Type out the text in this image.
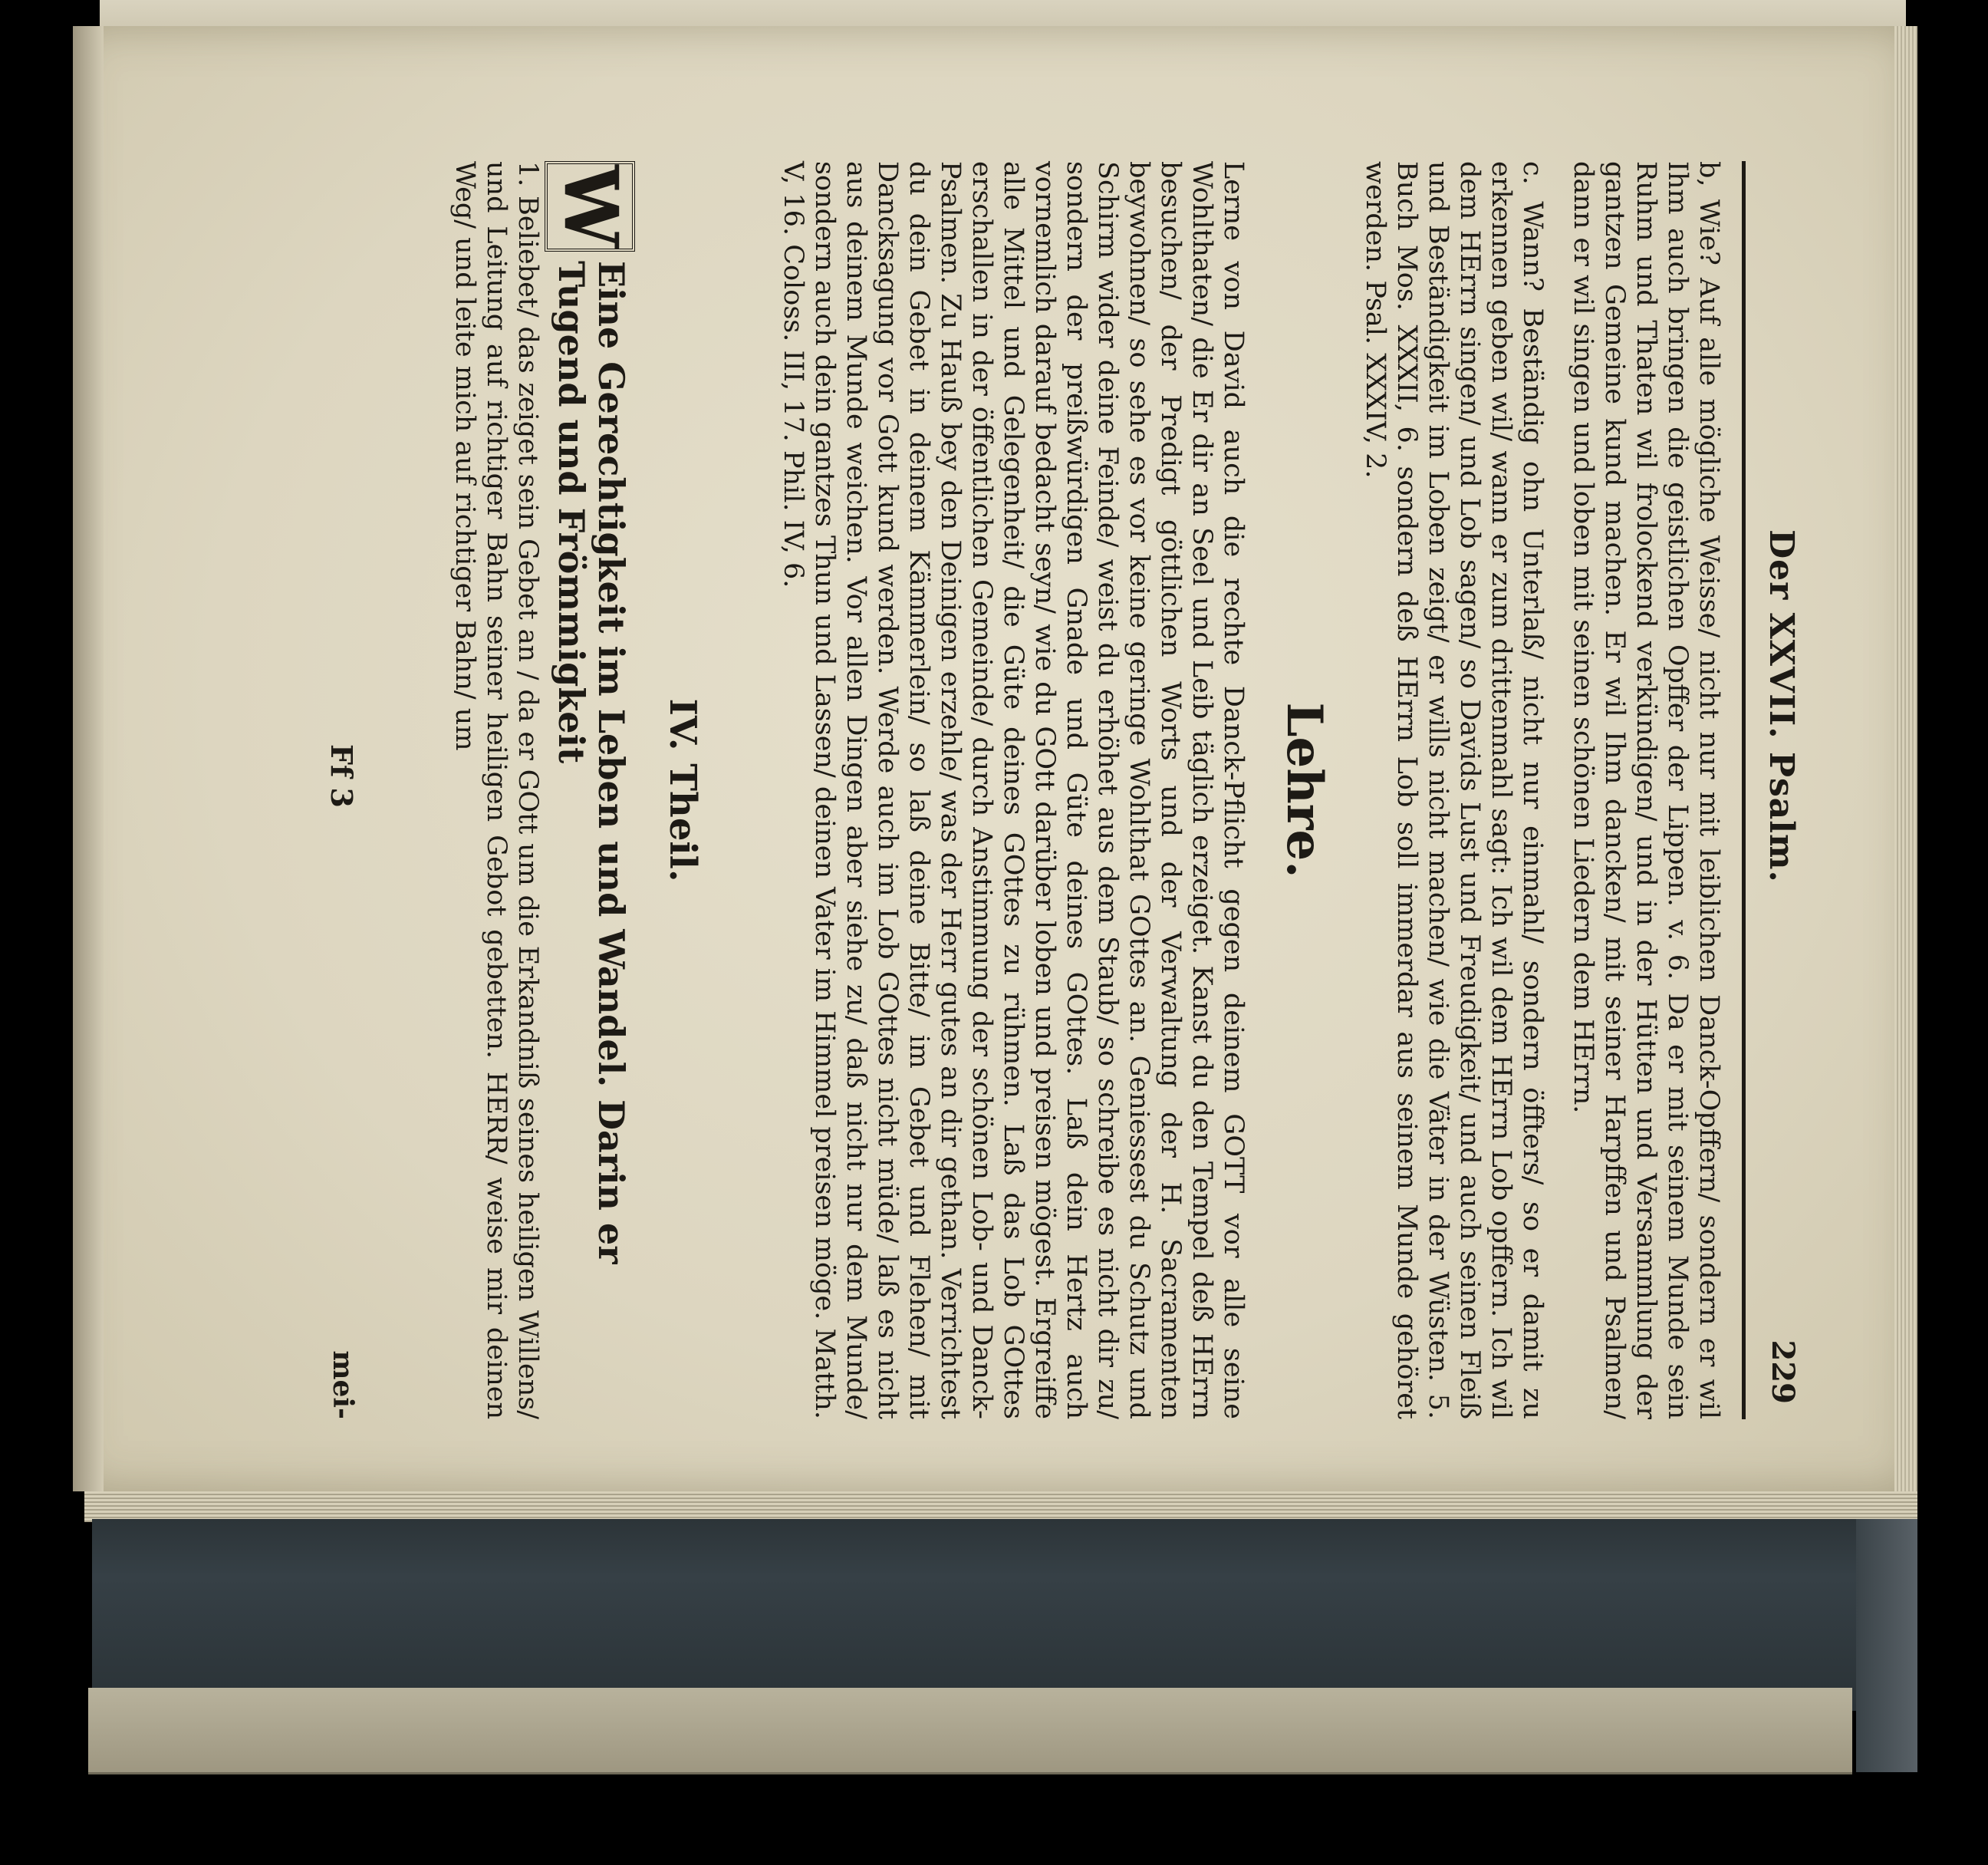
Der XXVII. Psalm.
229
b, Wie? Auf alle mögliche Weisse/ nicht nur mit leiblichen Danck-Opffern/ sondern er wil Ihm auch bringen die geistlichen Opffer der Lippen. v. 6. Da er mit seinem Munde sein Ruhm und Thaten wil frolockend verkündigen/ und in der Hütten und Versammlung der gantzen Gemeine kund machen. Er wil Ihm dancken/ mit seiner Harpffen und Psalmen/ dann er wil singen und loben mit seinen schönen Liedern dem HErrn.
c. Wann? Beständig ohn Unterlaß/ nicht nur einmahl/ sondern öffters/ so er damit zu erkennen geben wil/ wann er zum drittenmahl sagt: Ich wil dem HErrn Lob opffern. Ich wil dem HErrn singen/ und Lob sagen/ so Davids Lust und Freudigkeit/ und auch seinen Fleiß und Beständigkeit im Loben zeigt/ er wills nicht machen/ wie die Väter in der Wüsten. 5. Buch Mos. XXXII, 6. sondern deß HErrn Lob soll immerdar aus seinem Munde gehöret werden. Psal. XXXIV, 2.
Lehre.
Lerne von David auch die rechte Danck-Pflicht gegen deinem GOTT vor alle seine Wohlthaten/ die Er dir an Seel und Leib täglich erzeiget. Kanst du den Tempel deß HErrn besuchen/ der Predigt göttlichen Worts und der Verwaltung der H. Sacramenten beywohnen/ so sehe es vor keine geringe Wohlthat GOttes an. Geniessest du Schutz und Schirm wider deine Feinde/ weist du erhöhet aus dem Staub/ so schreibe es nicht dir zu/ sondern der preißwürdigen Gnade und Güte deines GOttes. Laß dein Hertz auch vornemlich darauf bedacht seyn/ wie du GOtt darüber loben und preisen mögest. Ergreiffe alle Mittel und Gelegenheit/ die Güte deines GOttes zu rühmen. Laß das Lob GOttes erschallen in der öffentlichen Gemeinde/ durch Anstimmung der schönen Lob- und Danck-Psalmen. Zu Hauß bey den Deinigen erzehle/ was der Herr gutes an dir gethan. Verrichtest du dein Gebet in deinem Kämmerlein/ so laß deine Bitte/ im Gebet und Flehen/ mit Dancksagung vor Gott kund werden. Werde auch im Lob GOttes nicht müde/ laß es nicht aus deinem Munde weichen. Vor allen Dingen aber siehe zu/ daß nicht nur dem Munde/ sondern auch dein gantzes Thun und Lassen/ deinen Vater im Himmel preisen möge. Matth. V, 16. Coloss. III, 17. Phil. IV, 6.
IV. Theil.
W
Eine Gerechtigkeit im Leben und Wandel. Darin er Tugend und Frömmigkeit
1. Beliebet/ das zeiget sein Gebet an / da er GOtt um die Erkandniß seines heiligen Willens/ und Leitung auf richtiger Bahn seiner heiligen Gebot gebetten. HERR/ weise mir deinen Weg/ und leite mich auf richtiger Bahn/ um
Ff 3
mei-
